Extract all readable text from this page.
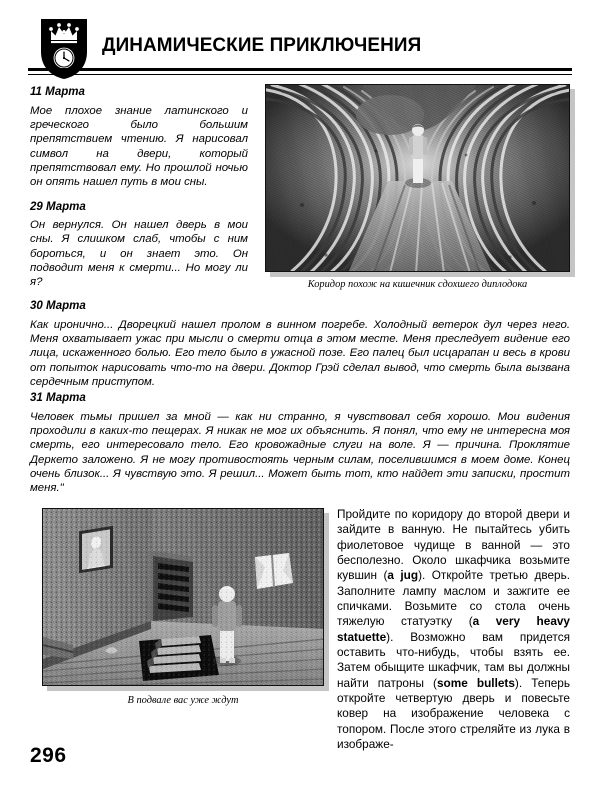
ДИНАМИЧЕСКИЕ ПРИКЛЮЧЕНИЯ

11 Марта

Мое плохое знание латинского и греческого было большим препятствием чтению. Я нарисовал символ на двери, который препятствовал ему. Но прошлой ночью он опять нашел путь в мои сны.

29 Марта

Он вернулся. Он нашел дверь в мои сны. Я слишком слаб, чтобы с ним бороться, и он знает это. Он подводит меня к смерти... Но могу ли я?	Коридор похож на кишечник сдохшего диплодока

30 Марта

Как иронично... Дворецкий нашел пролом в винном погребе. Холодный ветерок дул через него. Меня охватывает ужас при мысли о смерти отца в этом месте. Меня преследует видение его лица, искаженного болью. Его тело было в ужасной позе. Его палец был исцарапан и весь в крови от попыток нарисовать что-то на двери. Доктор Грэй сделал вывод, что смерть была вызвана сердечным приступом.

31 Марта

Человек тьмы пришел за мной — как ни странно, я чувствовал себя хорошо. Мои видения проходили в каких-то пещерах. Я никак не мог их объяснить. Я понял, что ему не интересна моя смерть, его интересовало тело. Его кровожадные слуги на воле. Я — причина. Проклятие Деркето заложено. Я не могу противостоять черным силам, поселившимся в моем доме. Конец очень близок... Я чувствую это. Я решил... Может быть тот, кто найдет эти записки, простит меня."

В подвале вас уже ждут

Пройдите по коридору до второй двери и зайдите в ванную. Не пытайтесь убить фиолетовое чудище в ванной — это бесполезно. Около шкафчика возьмите кувшин (a jug). Откройте третью дверь. Заполните лампу маслом и зажгите ее спичками. Возьмите со стола очень тяжелую статуэтку (a very heavy statuette). Возможно вам придется оставить что-нибудь, чтобы взять ее. Затем обыщите шкафчик, там вы должны найти патроны (some bullets). Теперь откройте четвертую дверь и повесьте ковер на изображение человека с топором. После этого стреляйте из лука в изображе-

296
